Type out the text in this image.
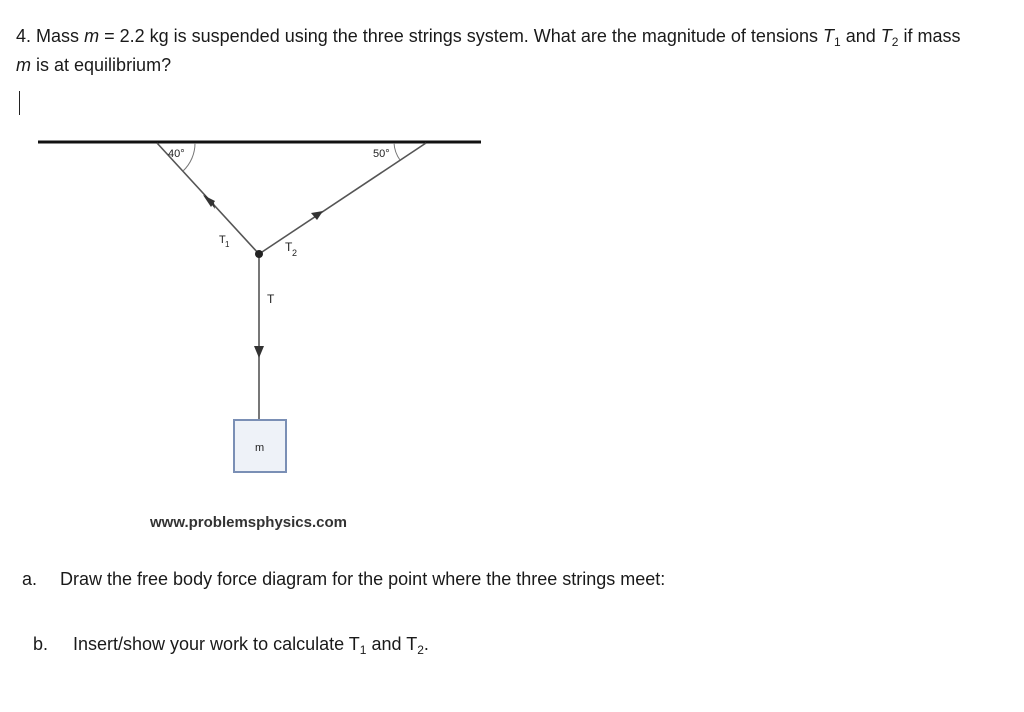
4. Mass m = 2.2 kg is suspended using the three strings system. What are the magnitude of tensions $T_1$ and $T_2$ if mass
m is at equilibrium?
40°	50°
T 1	T 2
T
m
www.problemsphysics.com
a. Draw the free body force diagram for the point where the three strings meet:
b. Insert/show your work to calculate $T_1$ and $T_2$.
